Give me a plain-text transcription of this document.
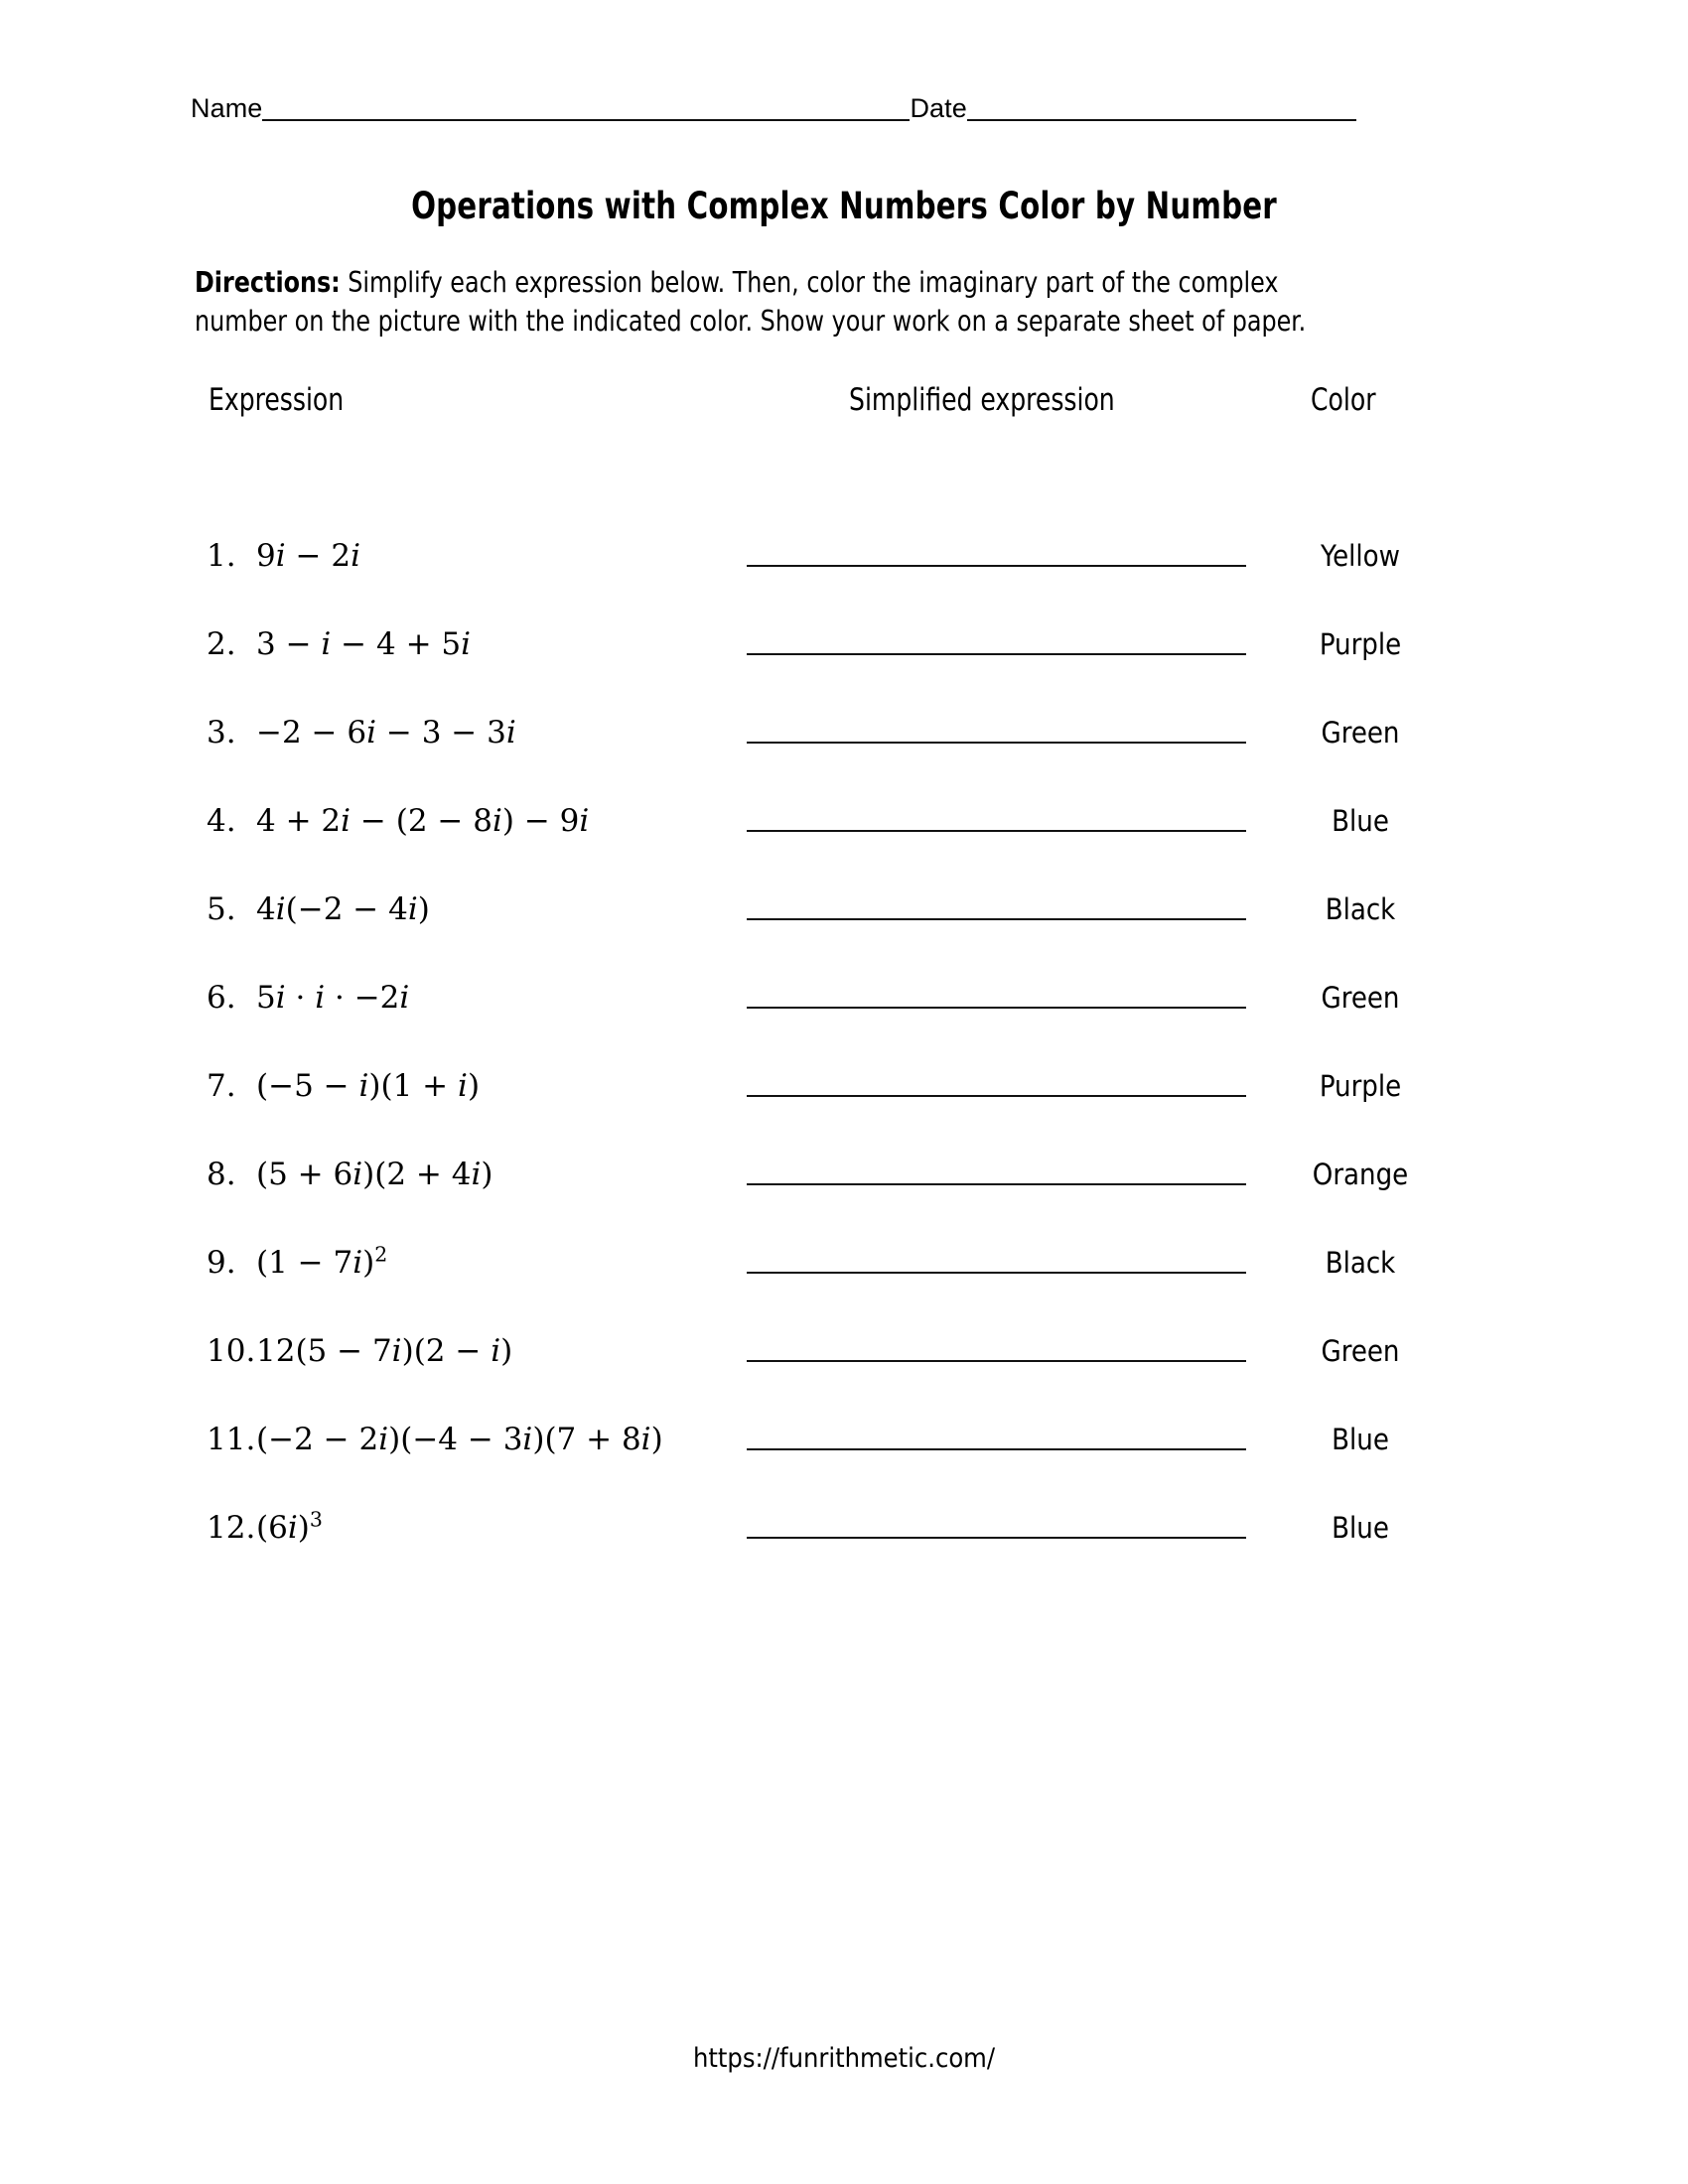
Name	Date
Operations with Complex Numbers Color by Number
Directions: Simplify each expression below. Then, color the imaginary part of the complex number on the picture with the indicated color. Show your work on a separate sheet of paper.
Expression	Simplified expression	Color
1. 9i − 2i	Yellow
2. 3 − i − 4 + 5i	Purple
3. −2 − 6i − 3 − 3i	Green
4. 4 + 2i − (2 − 8i) − 9i	Blue
5. 4i(−2 − 4i)	Black
6. 5i · i · −2i	Green
7. (−5 − i)(1 + i)	Purple
8. (5 + 6i)(2 + 4i)	Orange
9. $(1 - 7i)^2$	Black
10. 12(5 − 7i)(2 − i)	Green
11. (−2 − 2i)(−4 − 3i)(7 + 8i)	Blue
12. $(6i)^3$	Blue
https://funrithmetic.com/
